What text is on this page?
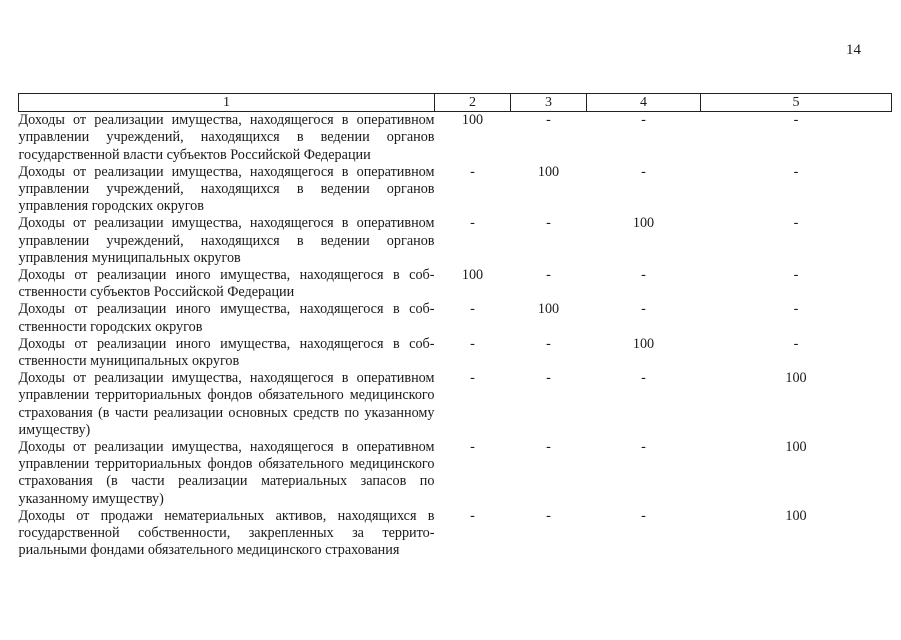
14
1	2	3	4	5
Доходы от реализации имущества, находящегося в оперативном управлении учреждений, находящихся в ведении органов государственной власти субъектов Российской Федерации	100	-	-	-
Доходы от реализации имущества, находящегося в оперативном управлении учреждений, находящихся в ведении органов управления городских округов	-	100	-	-
Доходы от реализации имущества, находящегося в оперативном управлении учреждений, находящихся в ведении органов управления муниципальных округов	-	-	100	-
Доходы от реализации иного имущества, находящегося в собственности субъектов Российской Федерации	100	-	-	-
Доходы от реализации иного имущества, находящегося в собственности городских округов	-	100	-	-
Доходы от реализации иного имущества, находящегося в собственности муниципальных округов	-	-	100	-
Доходы от реализации имущества, находящегося в оперативном управлении территориальных фондов обязательного медицинского страхования (в части реализации основных средств по указанному имуществу)	-	-	-	100
Доходы от реализации имущества, находящегося в оперативном управлении территориальных фондов обязательного медицинского страхования (в части реализации материальных запасов по указанному имуществу)	-	-	-	100
Доходы от продажи нематериальных активов, находящихся в государственной собственности, закрепленных за территориальными фондами обязательного медицинского страхования	-	-	-	100
